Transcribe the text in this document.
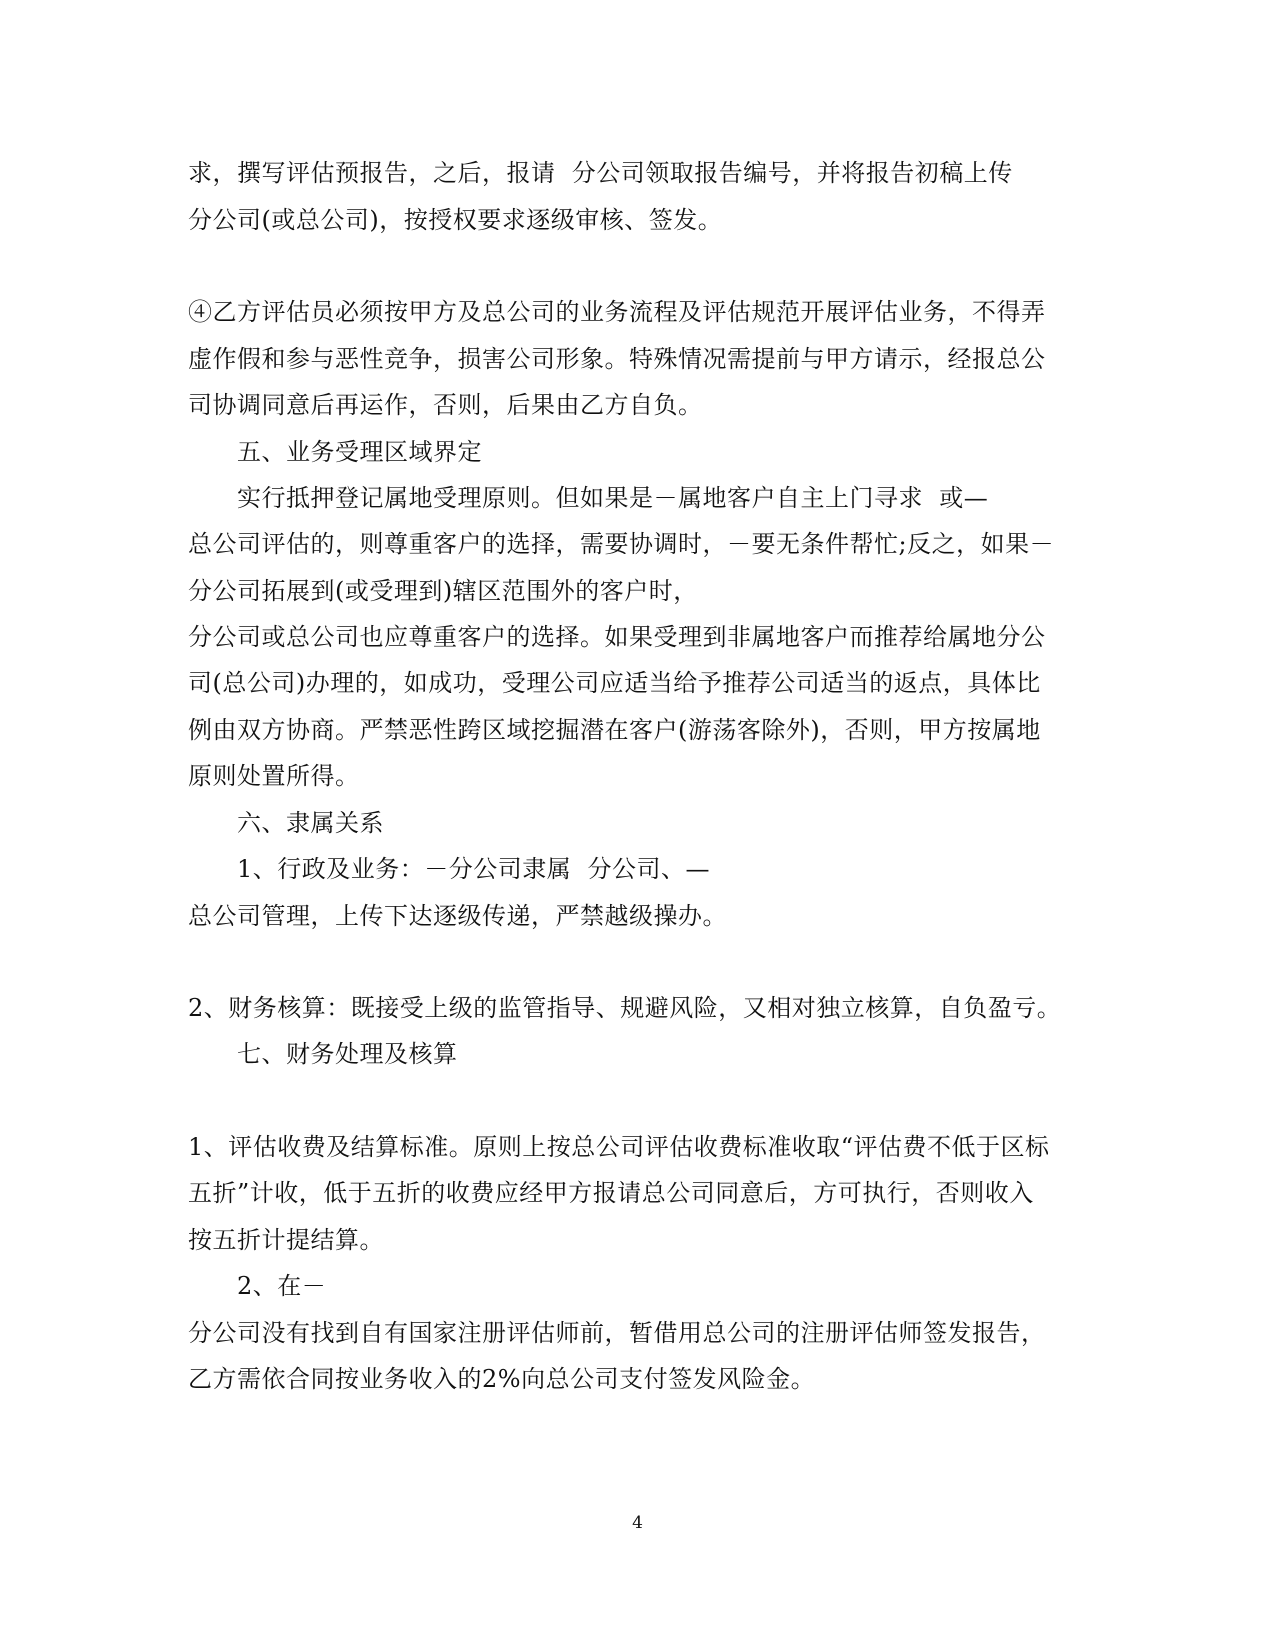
求，撰写评估预报告，之后，报请  分公司领取报告编号，并将报告初稿上传
分公司(或总公司)，按授权要求逐级审核、签发。
④乙方评估员必须按甲方及总公司的业务流程及评估规范开展评估业务，不得弄
虚作假和参与恶性竞争，损害公司形象。特殊情况需提前与甲方请示，经报总公
司协调同意后再运作，否则，后果由乙方自负。
五、业务受理区域界定
实行抵押登记属地受理原则。但如果是－属地客户自主上门寻求  或—
总公司评估的，则尊重客户的选择，需要协调时，－要无条件帮忙;反之，如果－
分公司拓展到(或受理到)辖区范围外的客户时，
分公司或总公司也应尊重客户的选择。如果受理到非属地客户而推荐给属地分公
司(总公司)办理的，如成功，受理公司应适当给予推荐公司适当的返点，具体比
例由双方协商。严禁恶性跨区域挖掘潜在客户(游荡客除外)，否则，甲方按属地
原则处置所得。
六、隶属关系
1、行政及业务：－分公司隶属  分公司、—
总公司管理，上传下达逐级传递，严禁越级操办。
2、财务核算：既接受上级的监管指导、规避风险，又相对独立核算，自负盈亏。
七、财务处理及核算
1、评估收费及结算标准。原则上按总公司评估收费标准收取“评估费不低于区标
五折”计收，低于五折的收费应经甲方报请总公司同意后，方可执行，否则收入
按五折计提结算。
2、在－
分公司没有找到自有国家注册评估师前，暂借用总公司的注册评估师签发报告，
乙方需依合同按业务收入的2%向总公司支付签发风险金。
4
